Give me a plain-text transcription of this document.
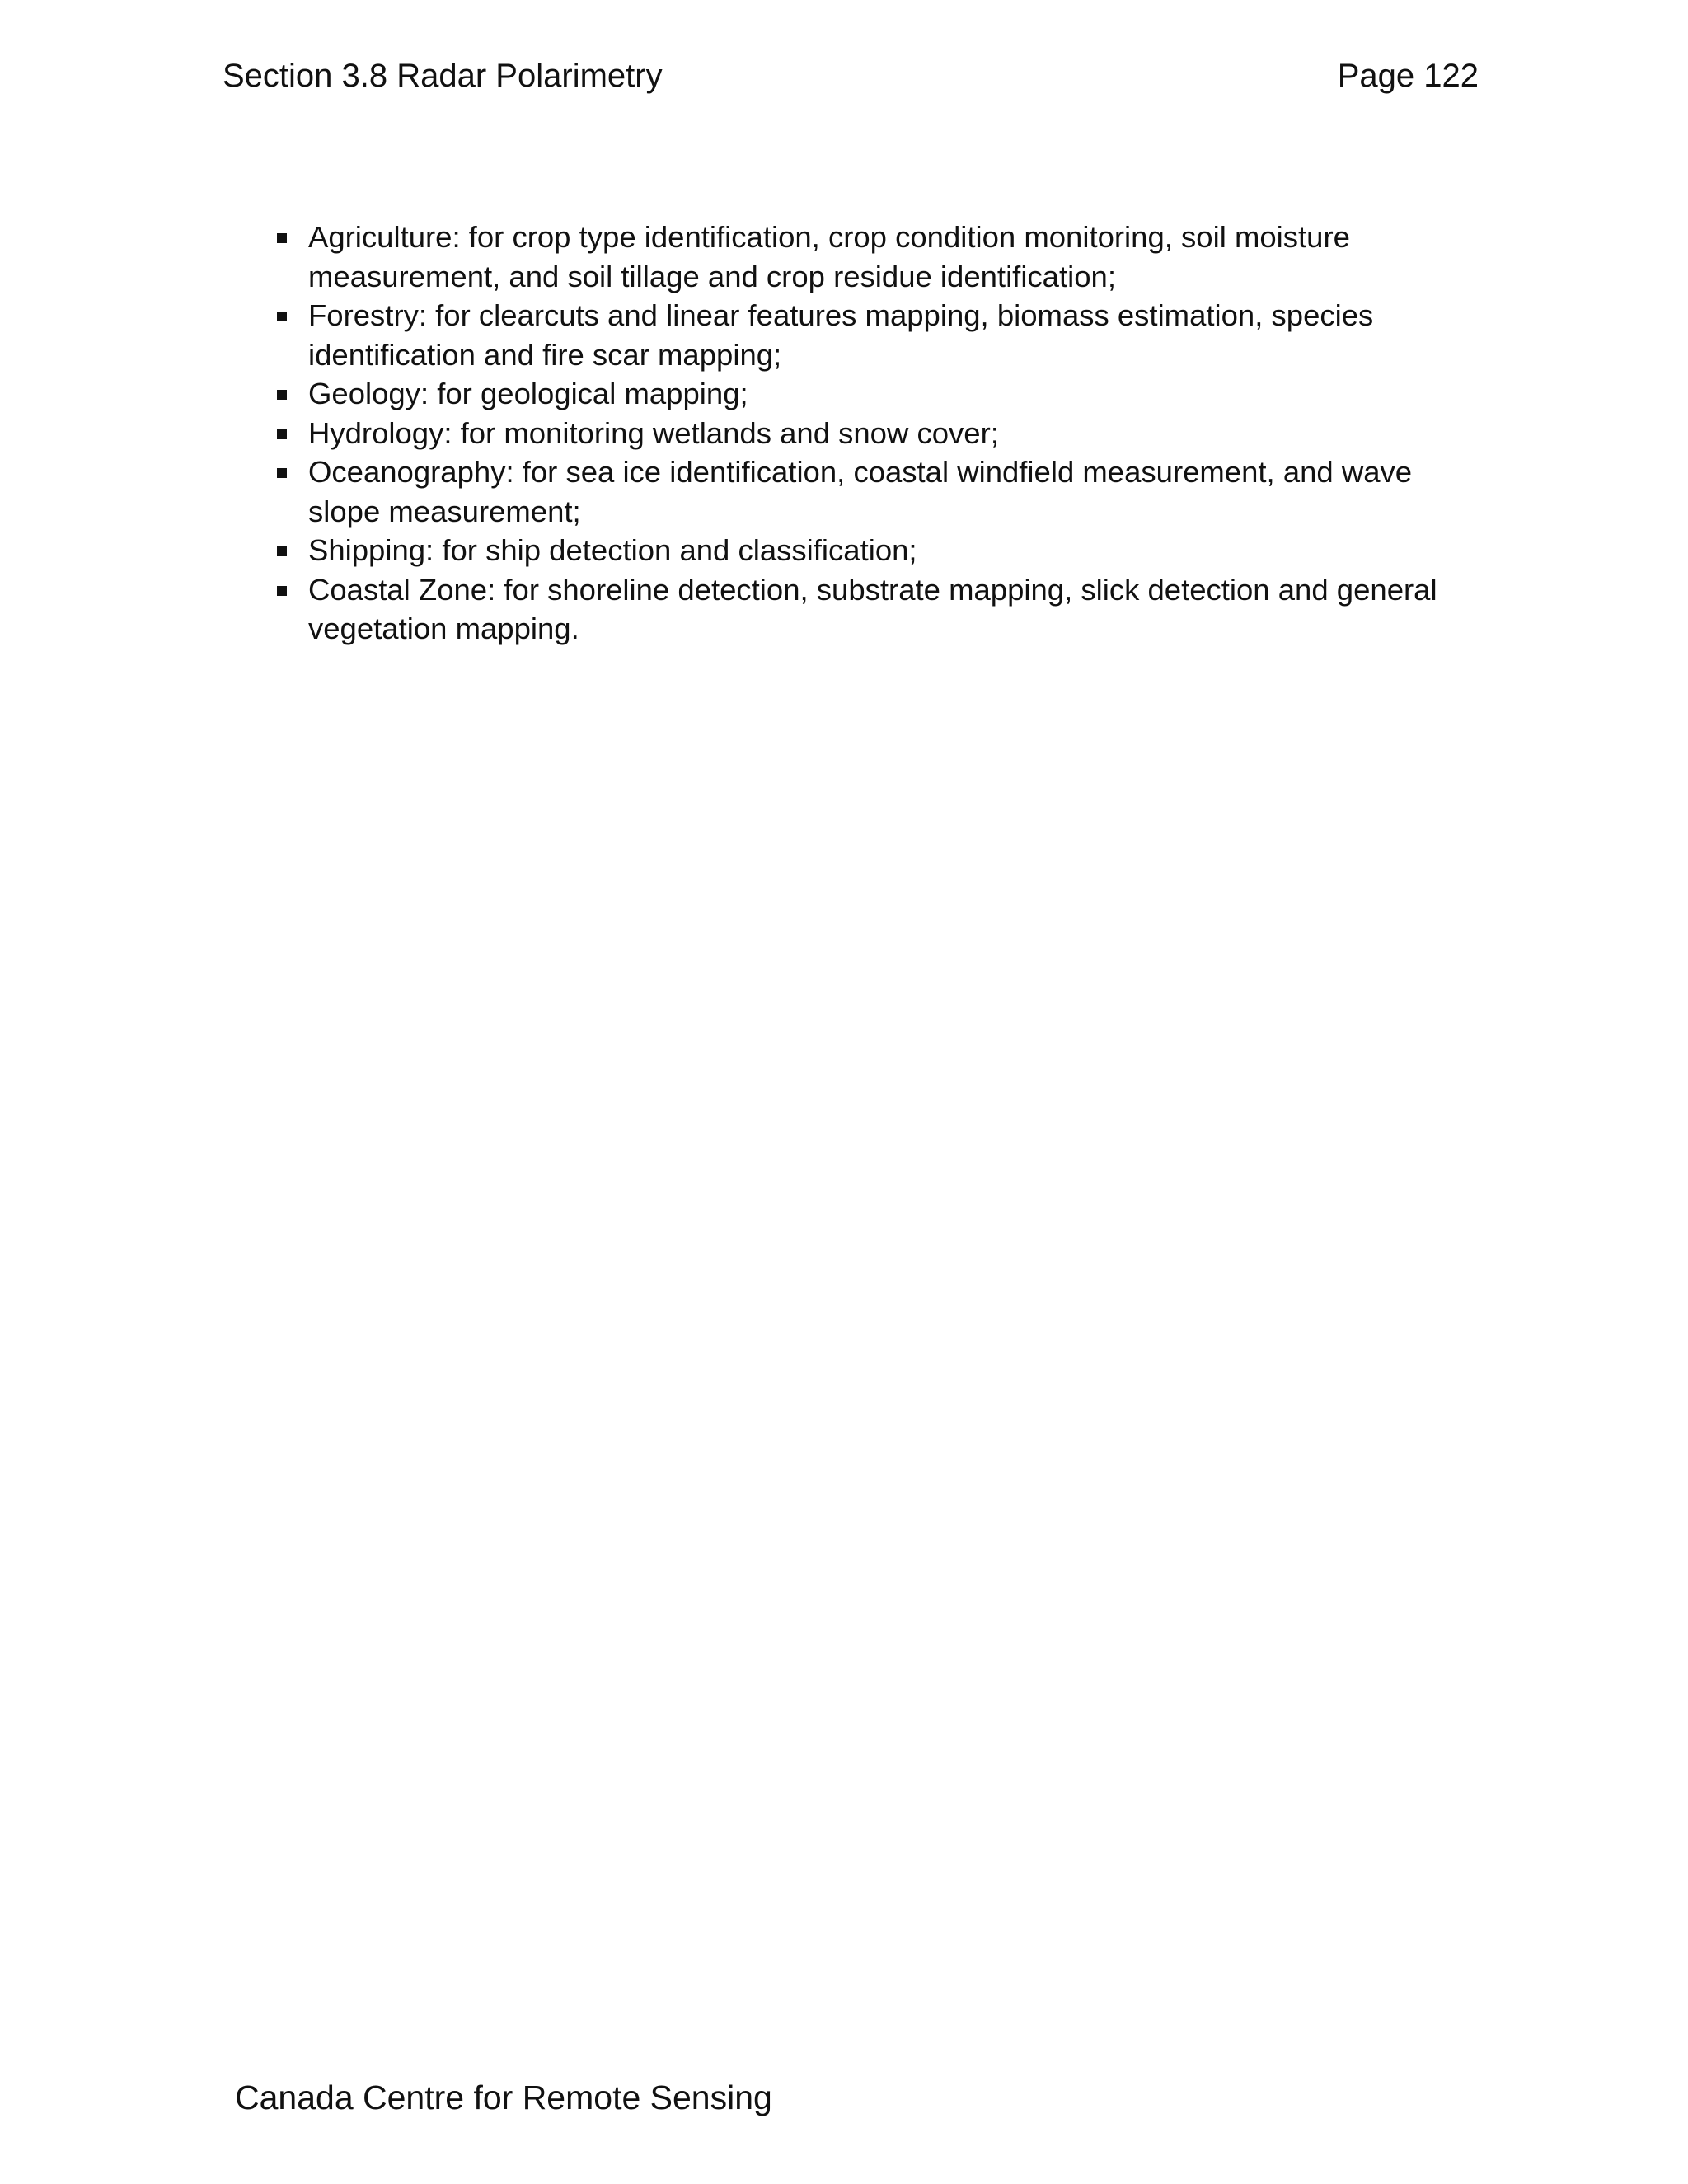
Section 3.8 Radar Polarimetry	Page 122
Agriculture: for crop type identification, crop condition monitoring, soil moisture measurement, and soil tillage and crop residue identification;
Forestry: for clearcuts and linear features mapping, biomass estimation, species identification and fire scar mapping;
Geology: for geological mapping;
Hydrology: for monitoring wetlands and snow cover;
Oceanography: for sea ice identification, coastal windfield measurement, and wave slope measurement;
Shipping: for ship detection and classification;
Coastal Zone: for shoreline detection, substrate mapping, slick detection and general vegetation mapping.
Canada Centre for Remote Sensing
